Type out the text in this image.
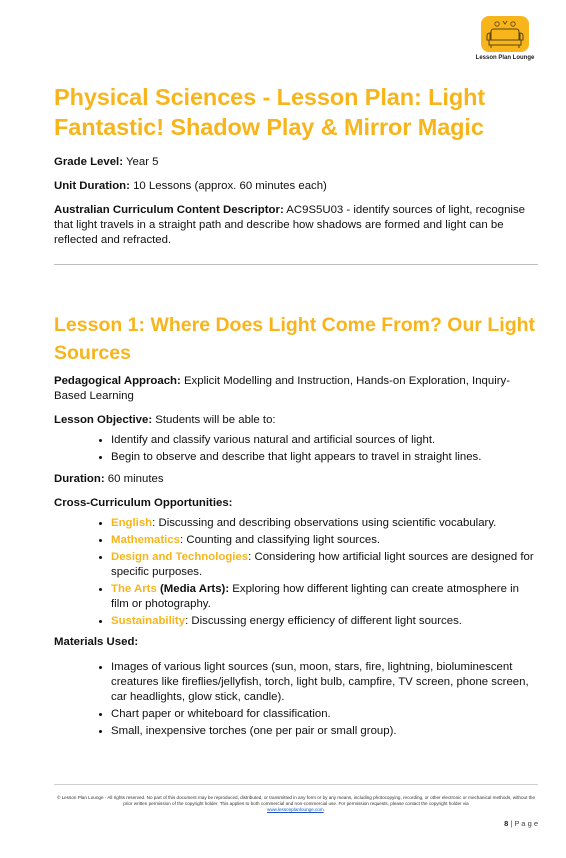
Lesson Plan Lounge
Physical Sciences - Lesson Plan: Light Fantastic! Shadow Play & Mirror Magic

Grade Level: Year 5

Unit Duration: 10 Lessons (approx. 60 minutes each)

Australian Curriculum Content Descriptor: AC9S5U03 - identify sources of light, recognise that light travels in a straight path and describe how shadows are formed and light can be reflected and refracted.

Lesson 1: Where Does Light Come From? Our Light Sources

Pedagogical Approach: Explicit Modelling and Instruction, Hands-on Exploration, Inquiry-Based Learning

Lesson Objective: Students will be able to:

• Identify and classify various natural and artificial sources of light.
• Begin to observe and describe that light appears to travel in straight lines.

Duration: 60 minutes

Cross-Curriculum Opportunities:

• English: Discussing and describing observations using scientific vocabulary.
• Mathematics: Counting and classifying light sources.
• Design and Technologies: Considering how artificial light sources are designed for specific purposes.
• The Arts (Media Arts): Exploring how different lighting can create atmosphere in film or photography.
• Sustainability: Discussing energy efficiency of different light sources.

Materials Used:

• Images of various light sources (sun, moon, stars, fire, lightning, bioluminescent creatures like fireflies/jellyfish, torch, light bulb, campfire, TV screen, phone screen, car headlights, glow stick, candle).
• Chart paper or whiteboard for classification.
• Small, inexpensive torches (one per pair or small group).
© Lesson Plan Lounge - All rights reserved. No part of this document may be reproduced, distributed, or transmitted in any form or by any means, including photocopying, recording, or other electronic or mechanical methods, without the prior written permission of the copyright holder. This applies to both commercial and non-commercial use. For permission requests, please contact the copyright holder via
www.lessonplanlounge.com.
8 | P a g e
